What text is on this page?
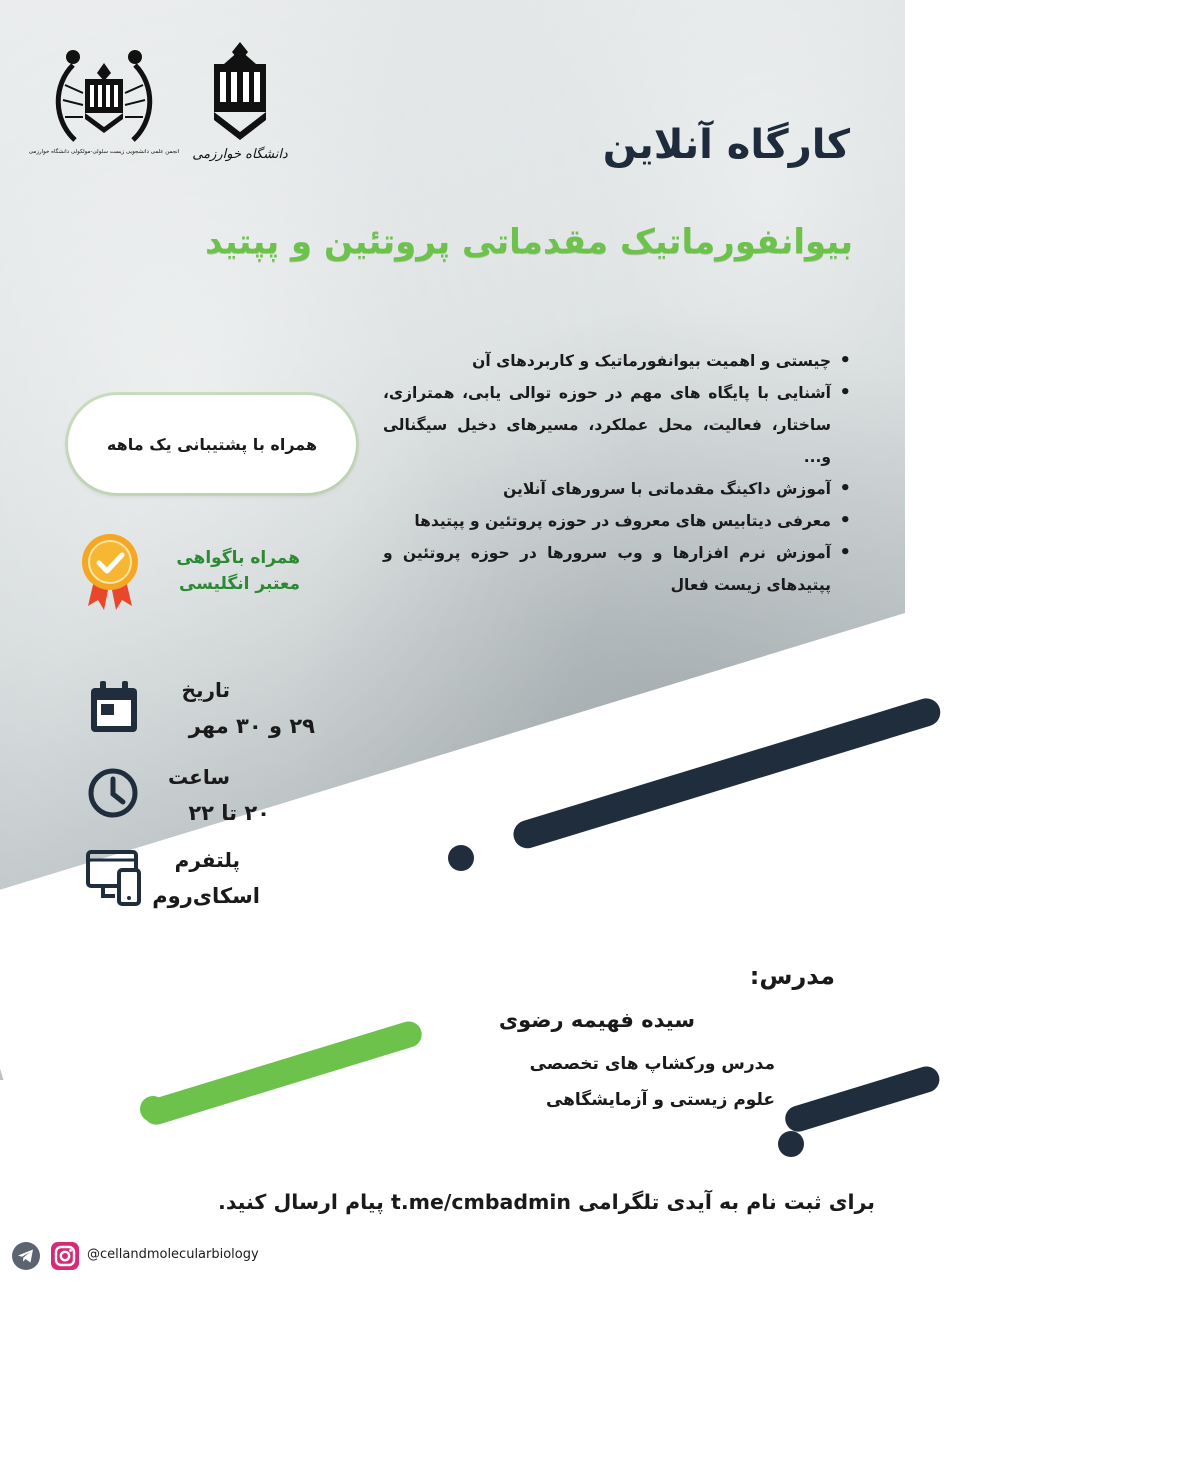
دانشگاه خوارزمی
انجمن علمی دانشجویی زیست سلولی-مولکولی دانشگاه خوارزمی	کارگاه آنلاین
بیوانفورماتیک مقدماتی پروتئین و پپتید
• چیستی و اهمیت بیوانفورماتیک و کاربردهای آن
• آشنایی با پایگاه های مهم در حوزه توالی یابی، همترازی، ساختار، فعالیت، محل عملکرد، مسیرهای دخیل سیگنالی و...
• آموزش داکینگ مقدماتی با سرورهای آنلاین
• معرفی دیتابیس های معروف در حوزه پروتئین و پپتیدها
• آموزش نرم افزارها و وب سرورها در حوزه پروتئین و پپتیدهای زیست فعال
همراه با پشتیبانی یک ماهه
همراه باگواهی
معتبر انگلیسی

تاریخ

۲۹ و ۳۰ مهر

ساعت

۲۰ تا ۲۲

پلتفرم

اسکای‌روم

مدرس:

سیده فهیمه رضوی

مدرس ورکشاپ های تخصصی
علوم زیستی و آزمایشگاهی

برای ثبت نام به آیدی تلگرامی t.me/cmbadmin پیام ارسال کنید.

@cellandmolecularbiology
